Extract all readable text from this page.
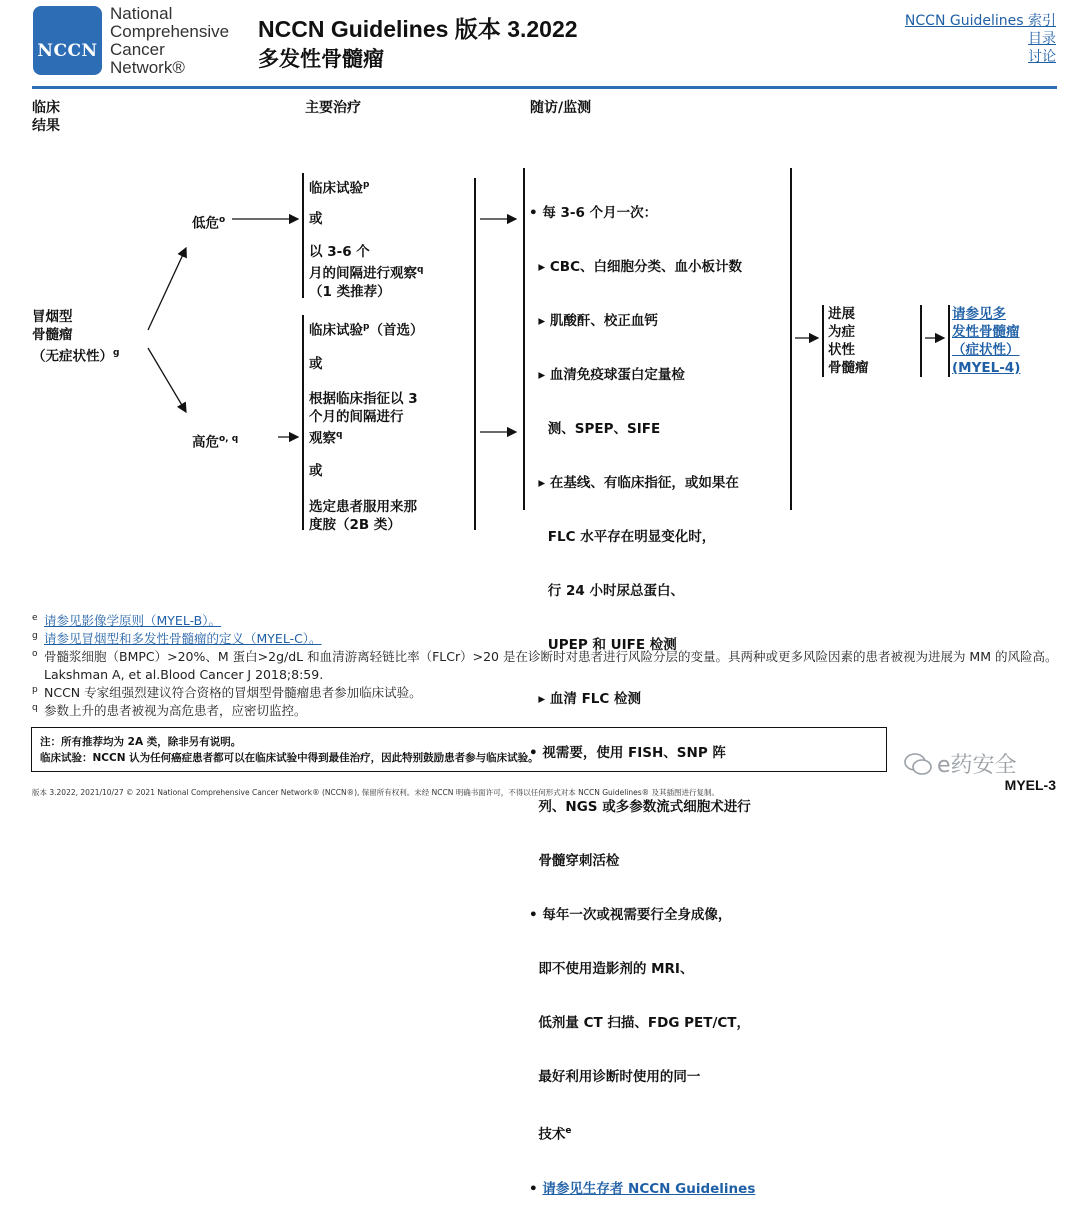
NCCN
National
Comprehensive
Cancer
Network®
NCCN Guidelines 版本 3.2022
多发性骨髓瘤
NCCN Guidelines 索引
目录
讨论
临床
结果
主要治疗	随访/监测
冒烟型
骨髓瘤
（无症状性）$^g$
低危$^o$
高危$^{o, q}$
临床试验$^p$
或
以 3-6 个
月的间隔进行观察$^q$
（1 类推荐）
临床试验$^p$（首选）
或
根据临床指征以 3
个月的间隔进行
观察$^q$
或
选定患者服用来那
度胺（2B 类）

• 每 3-6 个月一次：

▸ CBC、白细胞分类、血小板计数

▸ 肌酸酐、校正血钙

▸ 血清免疫球蛋白定量检

测、SPEP、SIFE

▸ 在基线、有临床指征，或如果在

FLC 水平存在明显变化时，

行 24 小时尿总蛋白、

UPEP 和 UIFE 检测

▸ 血清 FLC 检测

• 视需要，使用 FISH、SNP 阵

列、NGS 或多参数流式细胞术进行

骨髓穿刺活检

• 每年一次或视需要行全身成像，

即不使用造影剂的 MRI、

低剂量 CT 扫描、FDG PET/CT，

最好利用诊断时使用的同一

技术$^e$

• 请参见生存者 NCCN Guidelines

进展
为症
状性
骨髓瘤
请参见多
发性骨髓瘤
（症状性）
(MYEL-4)
e 请参见影像学原则（MYEL-B）。
g 请参见冒烟型和多发性骨髓瘤的定义（MYEL-C）。
o 骨髓浆细胞（BMPC）>20%、M 蛋白>2g/dL 和血清游离轻链比率（FLCr）>20 是在诊断时对患者进行风险分层的变量。具两种或更多风险因素的患者被视为进展为 MM 的风险高。Lakshman A, et al.Blood Cancer J 2018;8:59.
p NCCN 专家组强烈建议符合资格的冒烟型骨髓瘤患者参加临床试验。
q 参数上升的患者被视为高危患者，应密切监控。
注：所有推荐均为 2A 类，除非另有说明。
临床试验：NCCN 认为任何癌症患者都可以在临床试验中得到最佳治疗，因此特别鼓励患者参与临床试验。	e药安全
MYEL-3
版本 3.2022, 2021/10/27 © 2021 National Comprehensive Cancer Network® (NCCN®), 保留所有权利。未经 NCCN 明确书面许可，不得以任何形式对本 NCCN Guidelines® 及其插图进行复制。
